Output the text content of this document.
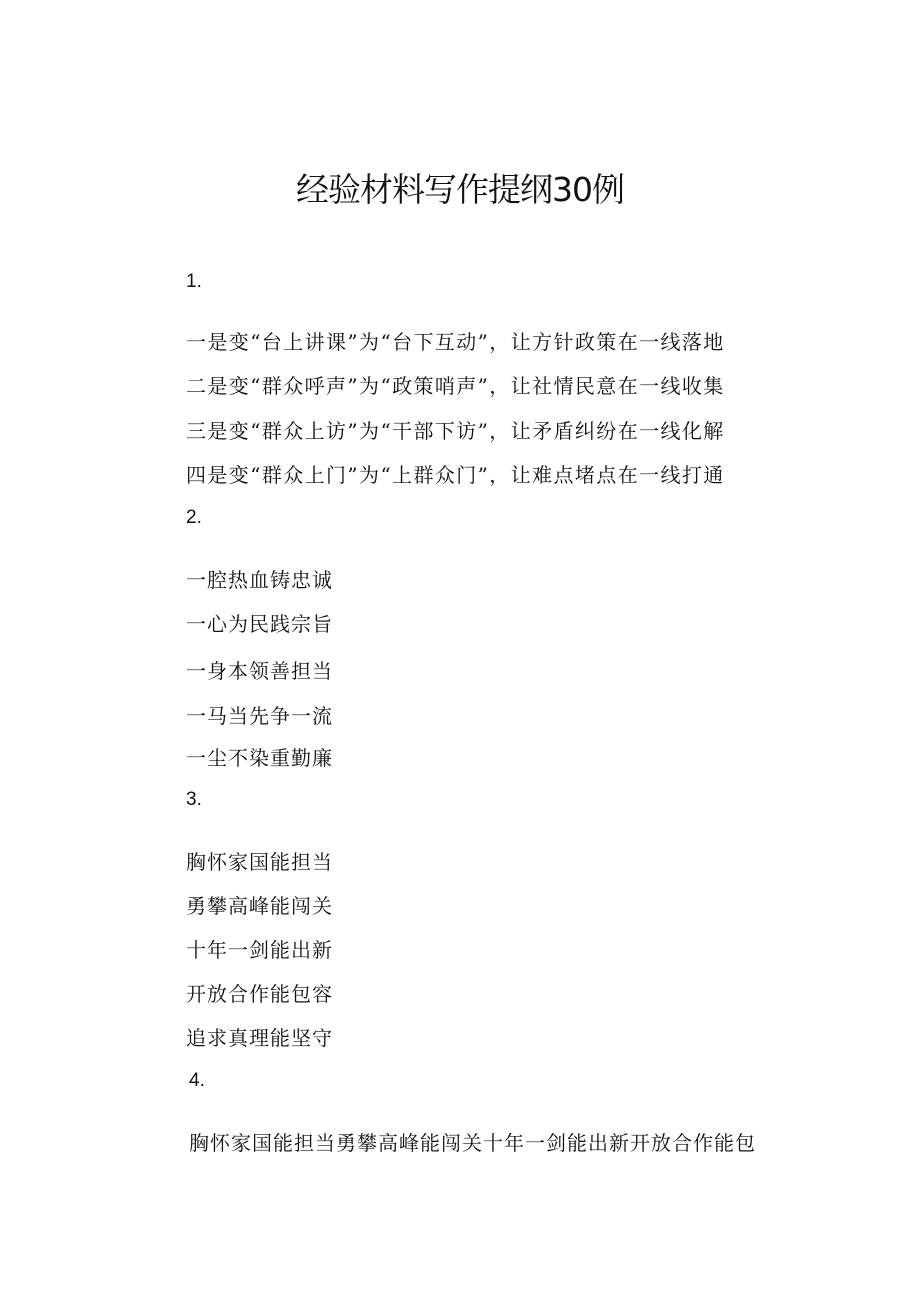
经验材料写作提纲30例
1.
一是变“台上讲课”为“台下互动”，让方针政策在一线落地
二是变“群众呼声”为“政策哨声”，让社情民意在一线收集
三是变“群众上访”为“干部下访”，让矛盾纠纷在一线化解
四是变“群众上门”为“上群众门”，让难点堵点在一线打通
2.
一腔热血铸忠诚
一心为民践宗旨
一身本领善担当
一马当先争一流
一尘不染重勤廉
3.
胸怀家国能担当
勇攀高峰能闯关
十年一剑能出新
开放合作能包容
追求真理能坚守
4.
胸怀家国能担当勇攀高峰能闯关十年一剑能出新开放合作能包
